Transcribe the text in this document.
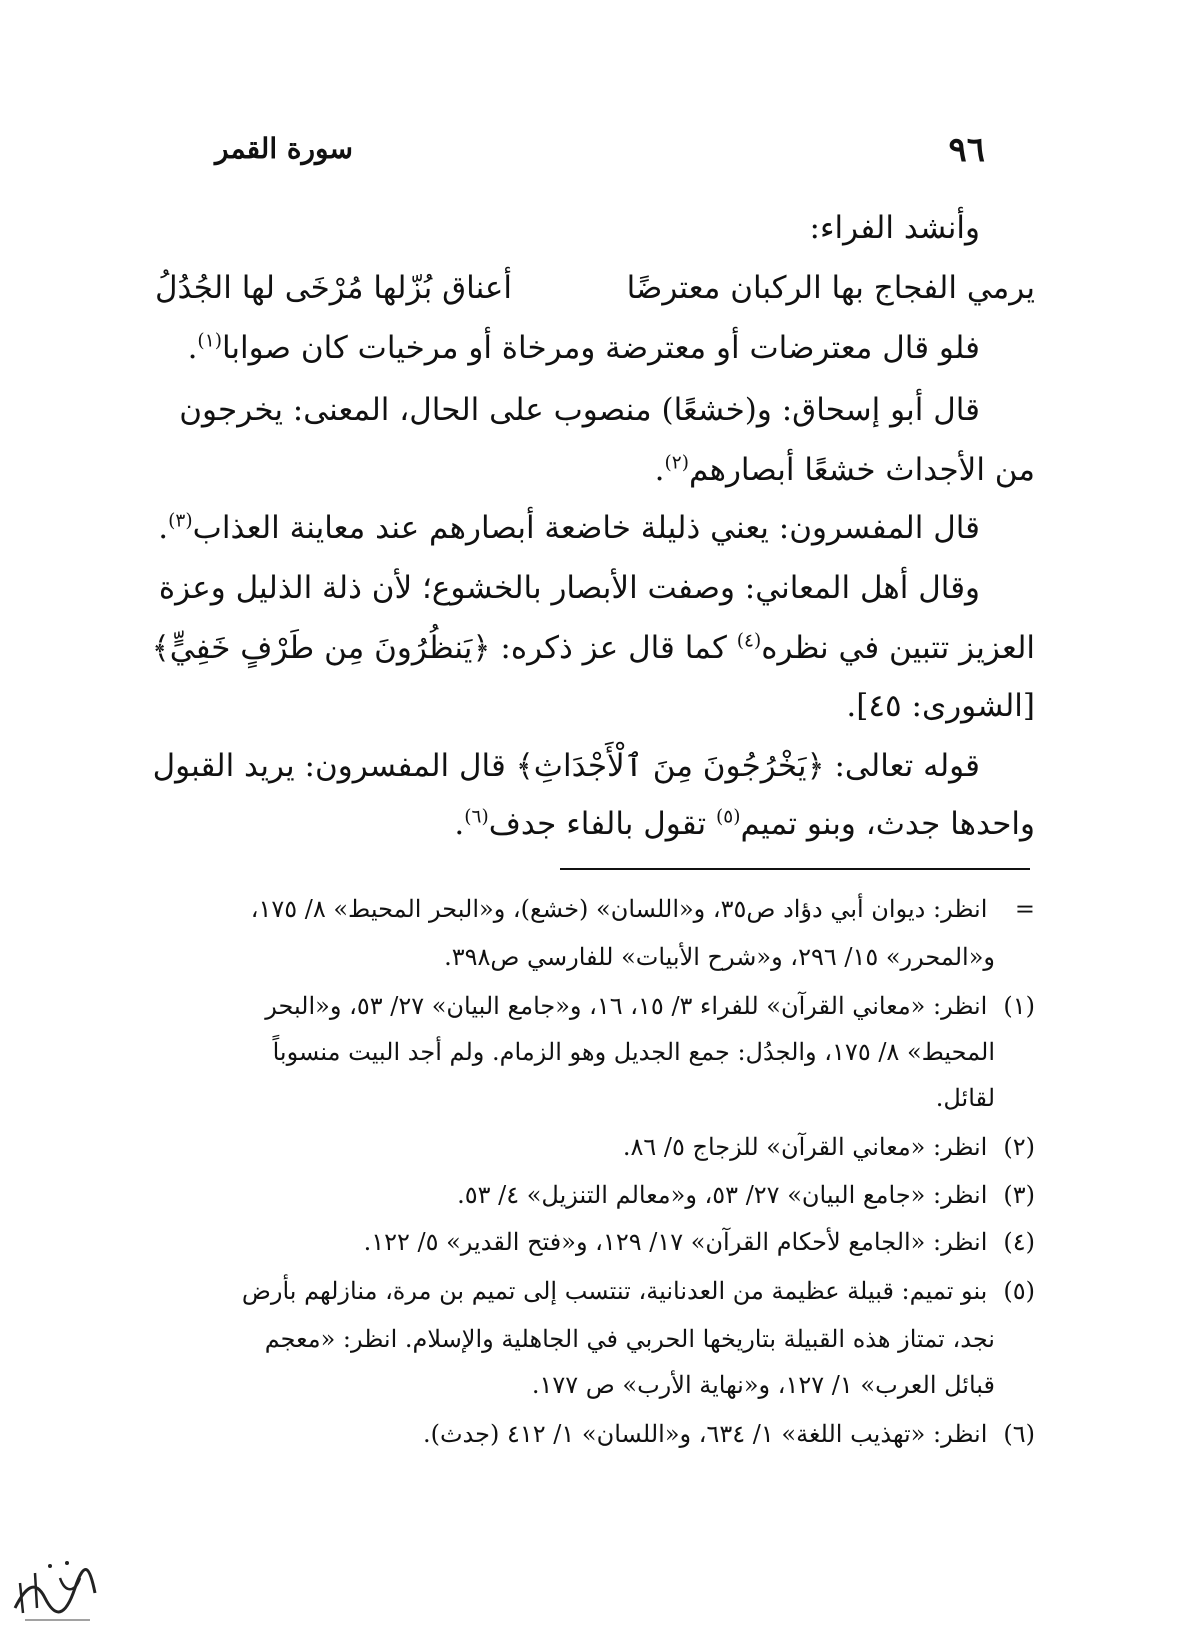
٩٦
سورة القمر
وأنشد الفراء:
يرمي الفجاج بها الركبان معترضًا
أعناق بُزّلها مُرْخَى لها الجُدُلُ
فلو قال معترضات أو معترضة ومرخاة أو مرخيات كان صوابا$^{(١)}$.
قال أبو إسحاق: و(خشعًا) منصوب على الحال، المعنى: يخرجون
من الأجداث خشعًا أبصارهم$^{(٢)}$.
قال المفسرون: يعني ذليلة خاضعة أبصارهم عند معاينة العذاب$^{(٣)}$.
وقال أهل المعاني: وصفت الأبصار بالخشوع؛ لأن ذلة الذليل وعزة
العزيز تتبين في نظره$^{(٤)}$ كما قال عز ذكره: ﴿يَنظُرُونَ مِن طَرْفٍ خَفِيٍّ﴾
[الشورى: ٤٥].
قوله تعالى: ﴿يَخْرُجُونَ مِنَ ٱلْأَجْدَاثِ﴾ قال المفسرون: يريد القبول
واحدها جدث، وبنو تميم$^{(٥)}$ تقول بالفاء جدف$^{(٦)}$.
= انظر: ديوان أبي دؤاد ص٣٥، و«اللسان» (خشع)، و«البحر المحيط» ٨/ ١٧٥،
و«المحرر» ١٥/ ٢٩٦، و«شرح الأبيات» للفارسي ص٣٩٨.
(١) انظر: «معاني القرآن» للفراء ٣/ ١٥، ١٦، و«جامع البيان» ٢٧/ ٥٣، و«البحر
المحيط» ٨/ ١٧٥، والجدُل: جمع الجديل وهو الزمام. ولم أجد البيت منسوباً
لقائل.
(٢) انظر: «معاني القرآن» للزجاج ٥/ ٨٦.
(٣) انظر: «جامع البيان» ٢٧/ ٥٣، و«معالم التنزيل» ٤/ ٥٣.
(٤) انظر: «الجامع لأحكام القرآن» ١٧/ ١٢٩، و«فتح القدير» ٥/ ١٢٢.
(٥) بنو تميم: قبيلة عظيمة من العدنانية، تنتسب إلى تميم بن مرة، منازلهم بأرض
نجد، تمتاز هذه القبيلة بتاريخها الحربي في الجاهلية والإسلام. انظر: «معجم
قبائل العرب» ١/ ١٢٧، و«نهاية الأرب» ص ١٧٧.
(٦) انظر: «تهذيب اللغة» ١/ ٦٣٤، و«اللسان» ١/ ٤١٢ (جدث).
